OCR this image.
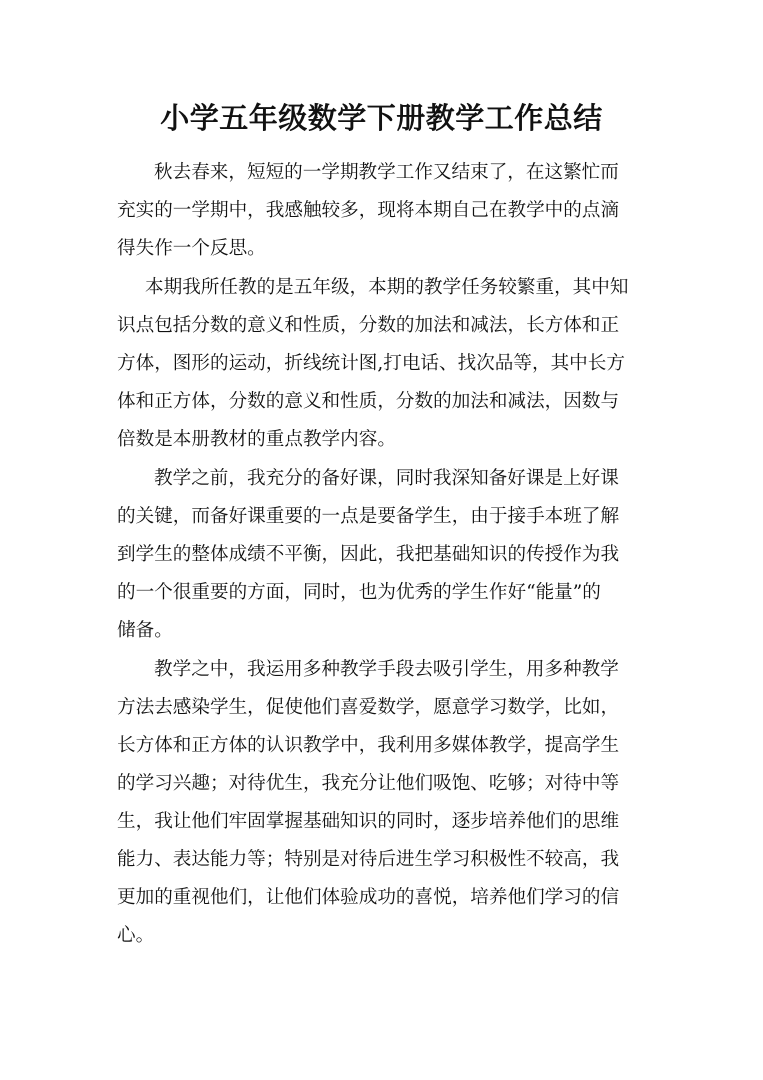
小学五年级数学下册教学工作总结

秋去春来，短短的一学期教学工作又结束了，在这繁忙而
充实的一学期中，我感触较多，现将本期自己在教学中的点滴
得失作一个反思。

本期我所任教的是五年级，本期的教学任务较繁重，其中知
识点包括分数的意义和性质，分数的加法和减法，长方体和正
方体，图形的运动，折线统计图,打电话、找次品等，其中长方
体和正方体，分数的意义和性质，分数的加法和减法，因数与
倍数是本册教材的重点教学内容。

教学之前，我充分的备好课，同时我深知备好课是上好课
的关键，而备好课重要的一点是要备学生，由于接手本班了解
到学生的整体成绩不平衡，因此，我把基础知识的传授作为我
的一个很重要的方面，同时，也为优秀的学生作好“能量”的
储备。

教学之中，我运用多种教学手段去吸引学生，用多种教学
方法去感染学生，促使他们喜爱数学，愿意学习数学，比如，
长方体和正方体的认识教学中，我利用多媒体教学，提高学生
的学习兴趣；对待优生，我充分让他们吸饱、吃够；对待中等
生，我让他们牢固掌握基础知识的同时，逐步培养他们的思维
能力、表达能力等；特别是对待后进生学习积极性不较高，我
更加的重视他们，让他们体验成功的喜悦，培养他们学习的信
心。
